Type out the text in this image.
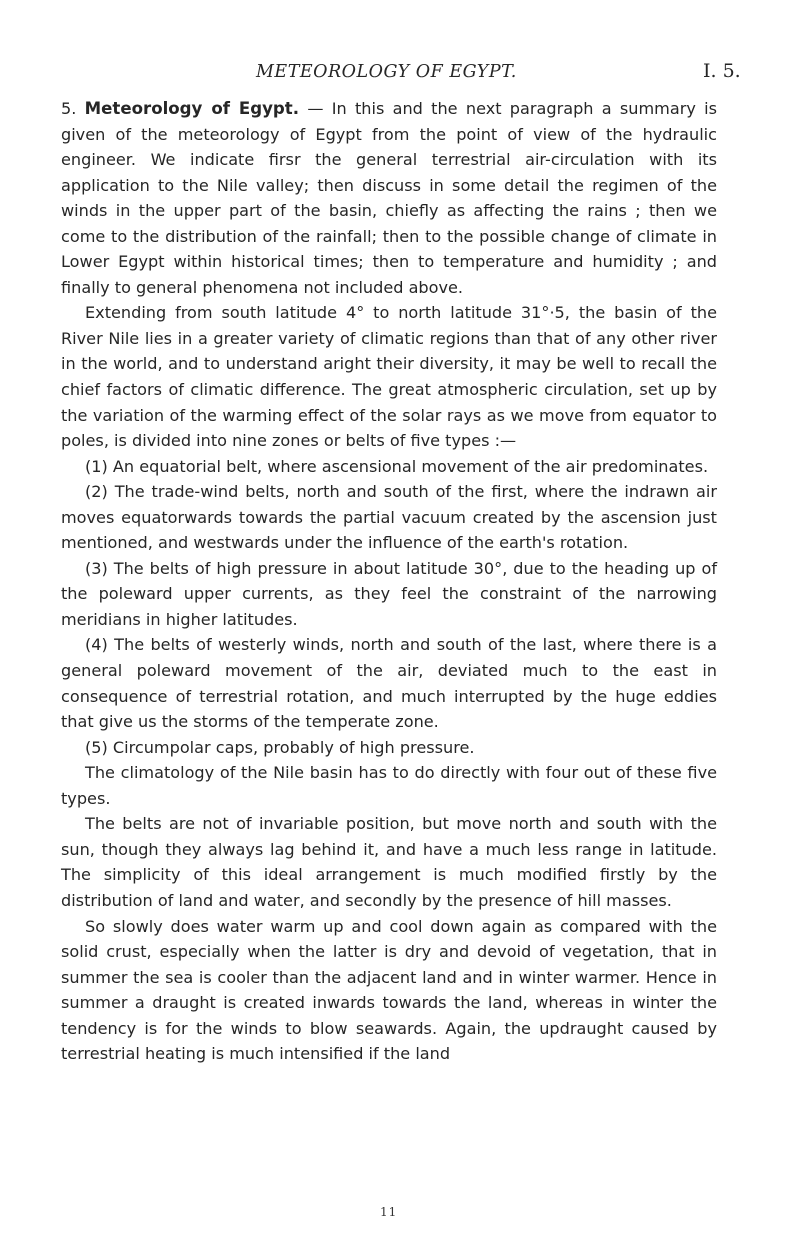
METEOROLOGY OF EGYPT.	I. 5.

5. Meteorology of Egypt. — In this and the next paragraph a summary is given of the meteorology of Egypt from the point of view of the hydraulic engineer. We indicate firsr the general terrestrial air-circulation with its application to the Nile valley; then discuss in some detail the regimen of the winds in the upper part of the basin, chiefly as affecting the rains ; then we come to the distribution of the rainfall; then to the possible change of climate in Lower Egypt within historical times; then to temperature and humidity ; and finally to general phenomena not included above.

Extending from south latitude 4° to north latitude 31°·5, the basin of the River Nile lies in a greater variety of climatic regions than that of any other river in the world, and to understand aright their diversity, it may be well to recall the chief factors of climatic difference. The great atmospheric circulation, set up by the variation of the warming effect of the solar rays as we move from equator to poles, is divided into nine zones or belts of five types :—

(1) An equatorial belt, where ascensional movement of the air predominates.

(2) The trade-wind belts, north and south of the first, where the indrawn air moves equatorwards towards the partial vacuum created by the ascension just mentioned, and westwards under the influence of the earth's rotation.

(3) The belts of high pressure in about latitude 30°, due to the heading up of the poleward upper currents, as they feel the constraint of the narrowing meridians in higher latitudes.

(4) The belts of westerly winds, north and south of the last, where there is a general poleward movement of the air, deviated much to the east in consequence of terrestrial rotation, and much interrupted by the huge eddies that give us the storms of the temperate zone.

(5) Circumpolar caps, probably of high pressure.

The climatology of the Nile basin has to do directly with four out of these five types.

The belts are not of invariable position, but move north and south with the sun, though they always lag behind it, and have a much less range in latitude. The simplicity of this ideal arrangement is much modified firstly by the distribution of land and water, and secondly by the presence of hill masses.

So slowly does water warm up and cool down again as compared with the solid crust, especially when the latter is dry and devoid of vegetation, that in summer the sea is cooler than the adjacent land and in winter warmer. Hence in summer a draught is created inwards towards the land, whereas in winter the tendency is for the winds to blow seawards. Again, the updraught caused by terrestrial heating is much intensified if the land

11
